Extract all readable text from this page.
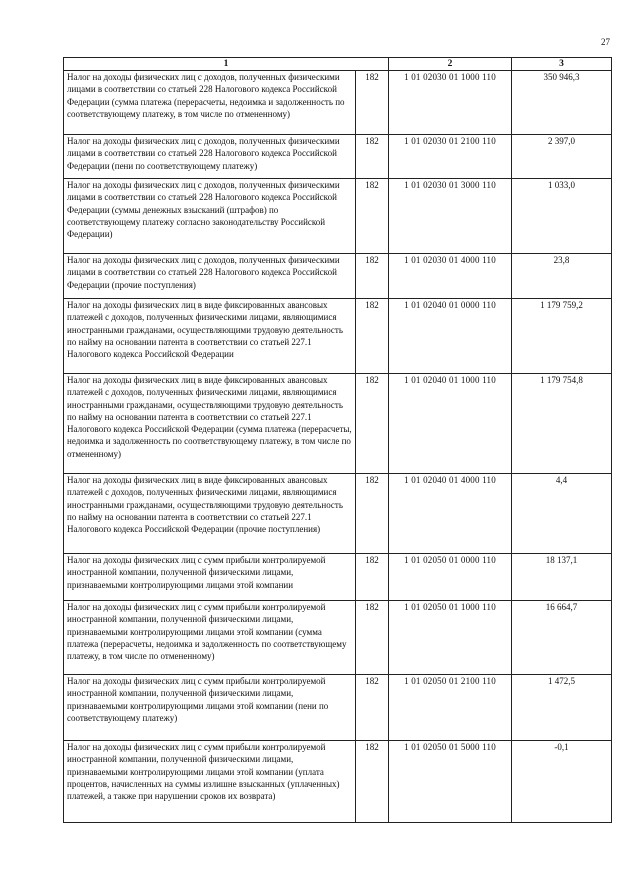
27
1		2	3
Налог на доходы физических лиц с доходов, полученных физическими лицами в соответствии со статьей 228 Налогового кодекса Российской Федерации (сумма платежа (перерасчеты, недоимка и задолженность по соответствующему платежу, в том числе по отмененному)	182	1 01 02030 01 1000 110	350 946,3
Налог на доходы физических лиц с доходов, полученных физическими лицами в соответствии со статьей 228 Налогового кодекса Российской Федерации (пени по соответствующему платежу)	182	1 01 02030 01 2100 110	2 397,0
Налог на доходы физических лиц с доходов, полученных физическими лицами в соответствии со статьей 228 Налогового кодекса Российской Федерации (суммы денежных взысканий (штрафов) по соответствующему платежу согласно законодательству Российской Федерации)	182	1 01 02030 01 3000 110	1 033,0
Налог на доходы физических лиц с доходов, полученных физическими лицами в соответствии со статьей 228 Налогового кодекса Российской Федерации (прочие поступления)	182	1 01 02030 01 4000 110	23,8
Налог на доходы физических лиц в виде фиксированных авансовых платежей с доходов, полученных физическими лицами, являющимися иностранными гражданами, осуществляющими трудовую деятельность по найму на основании патента в соответствии со статьей 227.1 Налогового кодекса Российской Федерации	182	1 01 02040 01 0000 110	1 179 759,2
Налог на доходы физических лиц в виде фиксированных авансовых платежей с доходов, полученных физическими лицами, являющимися иностранными гражданами, осуществляющими трудовую деятельность по найму на основании патента в соответствии со статьей 227.1 Налогового кодекса Российской Федерации (сумма платежа (перерасчеты, недоимка и задолженность по соответствующему платежу, в том числе по отмененному)	182	1 01 02040 01 1000 110	1 179 754,8
Налог на доходы физических лиц в виде фиксированных авансовых платежей с доходов, полученных физическими лицами, являющимися иностранными гражданами, осуществляющими трудовую деятельность по найму на основании патента в соответствии со статьей 227.1 Налогового кодекса Российской Федерации (прочие поступления)	182	1 01 02040 01 4000 110	4,4
Налог на доходы физических лиц с сумм прибыли контролируемой иностранной компании, полученной физическими лицами, признаваемыми контролирующими лицами этой компании	182	1 01 02050 01 0000 110	18 137,1
Налог на доходы физических лиц с сумм прибыли контролируемой иностранной компании, полученной физическими лицами, признаваемыми контролирующими лицами этой компании (сумма платежа (перерасчеты, недоимка и задолженность по соответствующему платежу, в том числе по отмененному)	182	1 01 02050 01 1000 110	16 664,7
Налог на доходы физических лиц с сумм прибыли контролируемой иностранной компании, полученной физическими лицами, признаваемыми контролирующими лицами этой компании (пени по соответствующему платежу)	182	1 01 02050 01 2100 110	1 472,5
Налог на доходы физических лиц с сумм прибыли контролируемой иностранной компании, полученной физическими лицами, признаваемыми контролирующими лицами этой компании (уплата процентов, начисленных на суммы излишне взысканных (уплаченных) платежей, а также при нарушении сроков их возврата)	182	1 01 02050 01 5000 110	-0,1
